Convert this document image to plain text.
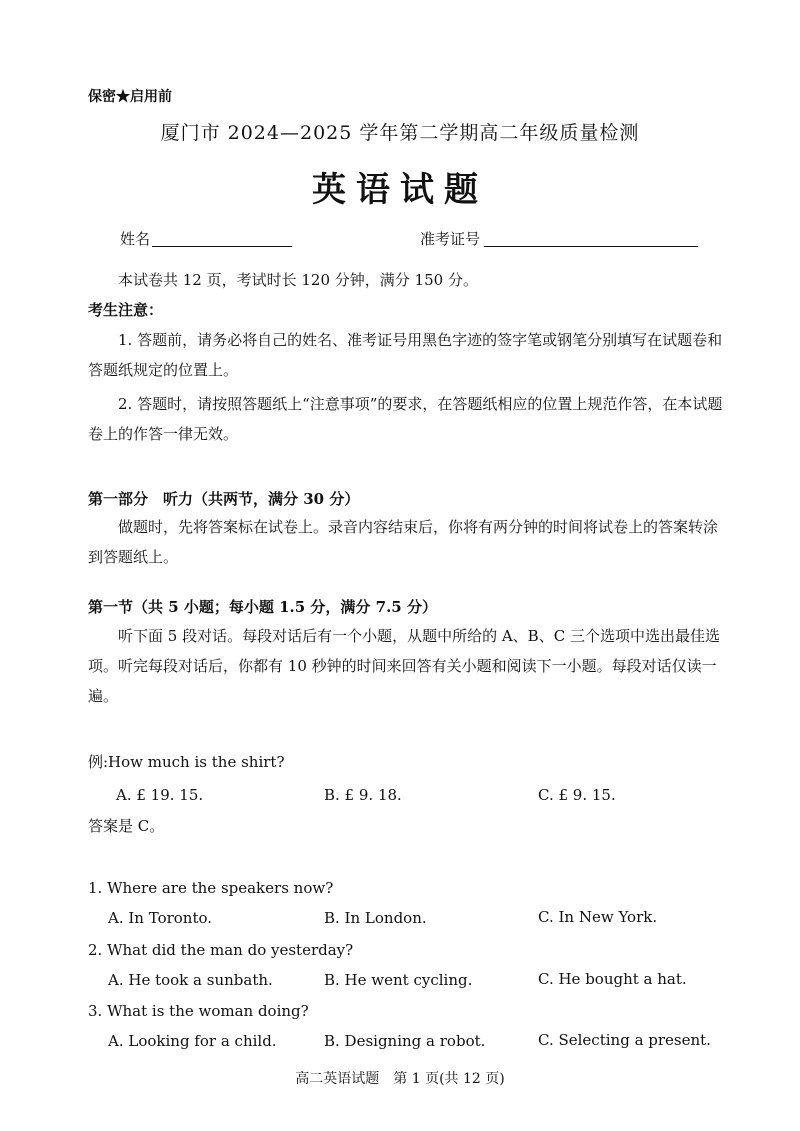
保密★启用前
厦门市 2024—2025 学年第二学期高二年级质量检测
英语试题
姓名	准考证号
本试卷共 12 页，考试时长 120 分钟，满分 150 分。
考生注意：
1. 答题前，请务必将自己的姓名、准考证号用黑色字迹的签字笔或钢笔分别填写在试题卷和答题纸规定的位置上。
2. 答题时，请按照答题纸上“注意事项”的要求，在答题纸相应的位置上规范作答，在本试题卷上的作答一律无效。
第一部分　听力（共两节，满分 30 分）
做题时，先将答案标在试卷上。录音内容结束后，你将有两分钟的时间将试卷上的答案转涂到答题纸上。
第一节（共 5 小题；每小题 1.5 分，满分 7.5 分）
听下面 5 段对话。每段对话后有一个小题，从题中所给的 A、B、C 三个选项中选出最佳选项。听完每段对话后，你都有 10 秒钟的时间来回答有关小题和阅读下一小题。每段对话仅读一遍。
例:How much is the shirt?
A. £ 19. 15.	B. £ 9. 18.	C. £ 9. 15.
答案是 C。
1. Where are the speakers now?
A. In Toronto.	B. In London.	C. In New York.
2. What did the man do yesterday?
A. He took a sunbath.	B. He went cycling.	C. He bought a hat.
3. What is the woman doing?
A. Looking for a child.	B. Designing a robot.	C. Selecting a present.
高二英语试题　第 1 页(共 12 页)
